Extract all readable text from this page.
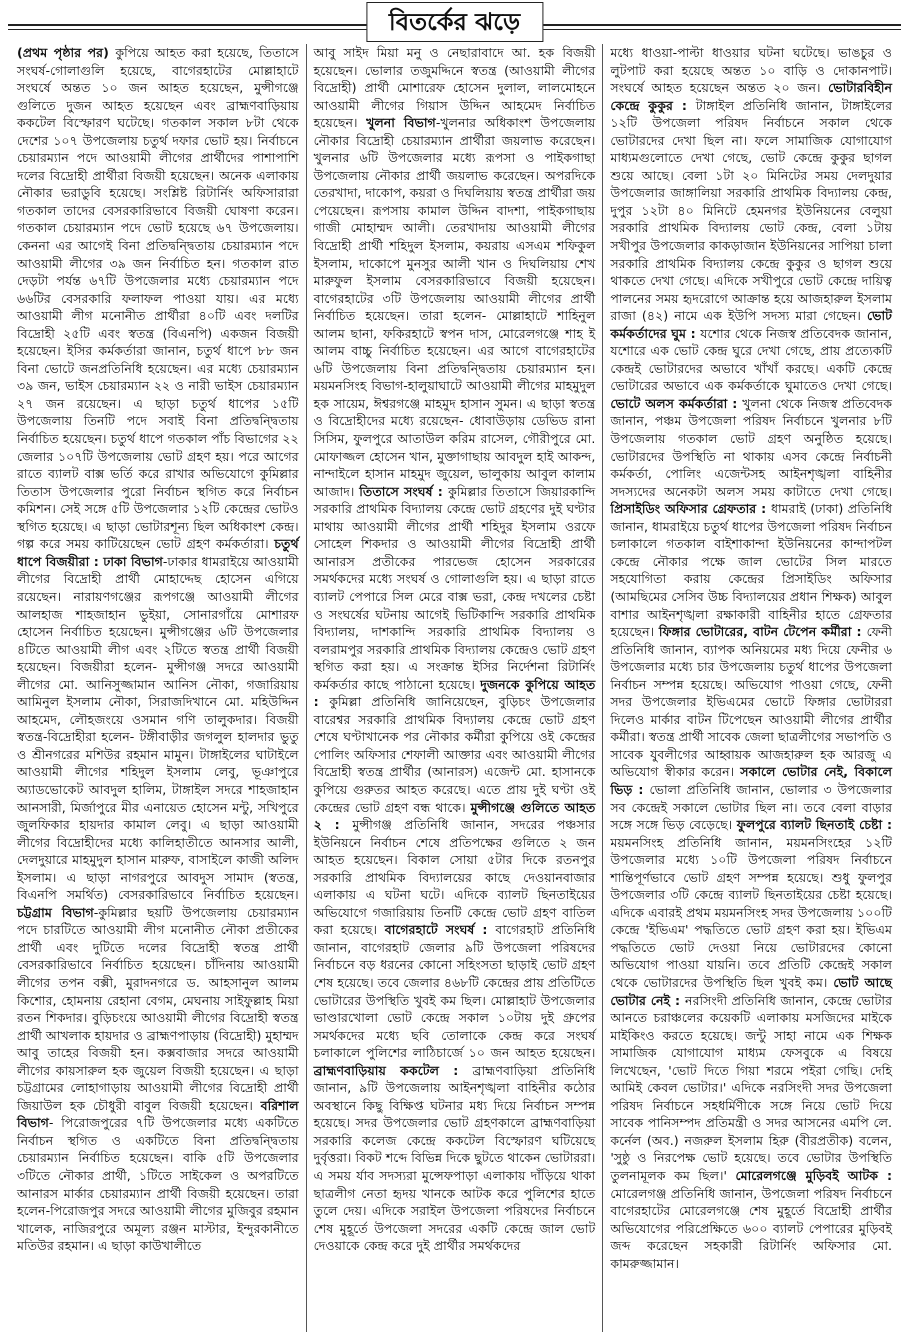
বিতর্কের ঝড়ে

(প্রথম পৃষ্ঠার পর) কুপিয়ে আহত করা হয়েছে, তিতাসে সংঘর্ষ-গোলাগুলি হয়েছে, বাগেরহাটের মোল্লাহাটে সংঘর্ষে অন্তত ১০ জন আহত হয়েছেন, মুন্সীগঞ্জে গুলিতে দুজন আহত হয়েছেন এবং ব্রাহ্মণবাড়িয়ায় ককটেল বিস্ফোরণ ঘটেছে। গতকাল সকাল ৮টা থেকে দেশের ১০৭ উপজেলায় চতুর্থ দফার ভোট হয়। নির্বাচনে চেয়ারম্যান পদে আওয়ামী লীগের প্রার্থীদের পাশাপাশি দলের বিদ্রোহী প্রার্থীরা বিজয়ী হয়েছেন। অনেক এলাকায় নৌকার ভরাডুবি হয়েছে। সংশ্লিষ্ট রিটার্নিং অফিসারারা গতকাল তাদের বেসরকারিভাবে বিজয়ী ঘোষণা করেন। গতকাল চেয়ারম্যান পদে ভোট হয়েছে ৬৭ উপজেলায়। কেননা এর আগেই বিনা প্রতিদ্বন্দ্বিতায় চেয়ারম্যান পদে আওয়ামী লীগের ৩৯ জন নির্বাচিত হন। গতকাল রাত দেড়টা পর্যন্ত ৬৭টি উপজেলার মধ্যে চেয়ারম্যান পদে ৬৬টির বেসরকারি ফলাফল পাওয়া যায়। এর মধ্যে আওয়ামী লীগ মনোনীত প্রার্থীরা ৪০টি এবং দলটির বিদ্রোহী ২৫টি এবং স্বতন্ত্র (বিএনপি) একজন বিজয়ী হয়েছেন। ইসির কর্মকর্তারা জানান, চতুর্থ ধাপে ৮৮ জন বিনা ভোটে জনপ্রতিনিধি হয়েছেন। এর মধ্যে চেয়ারম্যান ৩৯ জন, ভাইস চেয়ারম্যান ২২ ও নারী ভাইস চেয়ারম্যান ২৭ জন রয়েছেন। এ ছাড়া চতুর্থ ধাপের ১৫টি উপজেলায় তিনটি পদে সবাই বিনা প্রতিদ্বন্দ্বিতায় নির্বাচিত হয়েছেন। চতুর্থ ধাপে গতকাল পাঁচ বিভাগের ২২ জেলার ১০৭টি উপজেলায় ভোট গ্রহণ হয়। পরে আগের রাতে ব্যালট বাক্স ভর্তি করে রাখার অভিযোগে কুমিল্লার তিতাস উপজেলার পুরো নির্বাচন স্থগিত করে নির্বাচন কমিশন। সেই সঙ্গে ৫টি উপজেলার ১২টি কেন্দ্রের ভোটও স্থগিত হয়েছে। এ ছাড়া ভোটারশূন্য ছিল অধিকাংশ কেন্দ্র। গল্প করে সময় কাটিয়েছেন ভোট গ্রহণ কর্মকর্তারা। চতুর্থ ধাপে বিজয়ীরা : ঢাকা বিভাগ-ঢাকার ধামরাইয়ে আওয়ামী লীগের বিদ্রোহী প্রার্থী মোহাদ্দেছ হোসেন এগিয়ে রয়েছেন। নারায়ণগঞ্জের রূপগঞ্জে আওয়ামী লীগের আলহাজ শাহজাহান ভুইয়া, সোনারগাঁয়ে মোশারফ হোসেন নির্বাচিত হয়েছেন। মুন্সীগঞ্জের ৬টি উপজেলার ৪টিতে আওয়ামী লীগ এবং ২টিতে স্বতন্ত্র প্রার্থী বিজয়ী হয়েছেন। বিজয়ীরা হলেন- মুন্সীগঞ্জ সদরে আওয়ামী লীগের মো. আনিসুজ্জামান আনিস নৌকা, গজারিয়ায় আমিনুল ইসলাম নৌকা, সিরাজদিখানে মো. মহিউদ্দিন আহমেদ, লৌহজংয়ে ওসমান গণি তালুকদার। বিজয়ী স্বতন্ত্র-বিদ্রোহীরা হলেন- টঙ্গীবাড়ীর জগলুল হালদার ভুতু ও শ্রীনগরের মশিউর রহমান মামুন। টাঙ্গাইলের ঘাটাইলে আওয়ামী লীগের শহিদুল ইসলাম লেবু, ভূঞাপুরে অ্যাডভোকেট আবদুল হালিম, টাঙ্গাইল সদরে শাহজাহান আনসারী, মির্জাপুরে মীর এনায়েত হোসেন মন্টু, সখিপুরে জুলফিকার হায়দার কামাল লেবু। এ ছাড়া আওয়ামী লীগের বিদ্রোহীদের মধ্যে কালিহাতীতে আনসার আলী, দেলদুয়ারে মাহমুদুল হাসান মারুফ, বাসাইলে কাজী অলিদ ইসলাম। এ ছাড়া নাগরপুরে আবদুস সামাদ (স্বতন্ত্র, বিএনপি সমর্থিত) বেসরকারিভাবে নির্বাচিত হয়েছেন। চট্টগ্রাম বিভাগ-কুমিল্লার ছয়টি উপজেলায় চেয়ারম্যান পদে চারটিতে আওয়ামী লীগ মনোনীত নৌকা প্রতীকের প্রার্থী এবং দুটিতে দলের বিদ্রোহী স্বতন্ত্র প্রার্থী বেসরকারিভাবে নির্বাচিত হয়েছেন। চাঁদিনায় আওয়ামী লীগের তপন বক্সী, মুরাদনগরে ড. আহসানুল আলম কিশোর, হোমনায় রেহানা বেগম, মেঘনায় সাইফুল্লাহ মিয়া রতন শিকদার। বুড়িচংয়ে আওয়ামী লীগের বিদ্রোহী স্বতন্ত্র প্রার্থী আখলাক হায়দার ও ব্রাহ্মণপাড়ায় (বিদ্রোহী) মুহাম্মদ আবু তাহের বিজয়ী হন। কক্সবাজার সদরে আওয়ামী লীগের কায়সারুল হক জুয়েল বিজয়ী হয়েছেন। এ ছাড়া চট্টগ্রামের লোহাগাড়ায় আওয়ামী লীগের বিদ্রোহী প্রার্থী জিয়াউল হক চৌধুরী বাবুল বিজয়ী হয়েছেন। বরিশাল বিভাগ- পিরোজপুরের ৭টি উপজেলার মধ্যে একটিতে নির্বাচন স্থগিত ও একটিতে বিনা প্রতিদ্বন্দ্বিতায় চেয়ারম্যান নির্বাচিত হয়েছেন। বাকি ৫টি উপজেলার ৩টিতে নৌকার প্রার্থী, ১টিতে সাইকেল ও অপরটিতে আনারস মার্কার চেয়ারম্যান প্রার্থী বিজয়ী হয়েছেন। তারা হলেন-পিরোজপুর সদরে আওয়ামী লীগের মুজিবুর রহমান খালেক, নাজিরপুরে অমূল্য রঞ্জন মাস্টার, ইন্দুরকানীতে মতিউর রহমান। এ ছাড়া কাউখালীতে

আবু সাইদ মিয়া মনু ও নেছারাবাদে আ. হক বিজয়ী হয়েছেন। ভোলার তজুমদ্দিনে স্বতন্ত্র (আওয়ামী লীগের বিদ্রোহী) প্রার্থী মোশারেফ হোসেন দুলাল, লালমোহনে আওয়ামী লীগের গিয়াস উদ্দিন আহমেদ নির্বাচিত হয়েছেন। খুলনা বিভাগ-খুলনার অধিকাংশ উপজেলায় নৌকার বিদ্রোহী চেয়ারম্যান প্রার্থীরা জয়লাভ করেছেন। খুলনার ৬টি উপজেলার মধ্যে রূপসা ও পাইকগাছা উপজেলায় নৌকার প্রার্থী জয়লাভ করেছেন। অপরদিকে তেরখাদা, দাকোপ, কয়রা ও দিঘলিয়ায় স্বতন্ত্র প্রার্থীরা জয় পেয়েছেন। রূপসায় কামাল উদ্দিন বাদশা, পাইকগাছায় গাজী মোহাম্মদ আলী। তেরখাদায় আওয়ামী লীগের বিদ্রোহী প্রার্থী শহিদুল ইসলাম, কয়রায় এসএম শফিকুল ইসলাম, দাকোপে মুনসুর আলী খান ও দিঘলিয়ায় শেখ মারুফুল ইসলাম বেসরকারিভাবে বিজয়ী হয়েছেন। বাগেরহাটের ৩টি উপজেলায় আওয়ামী লীগের প্রার্থী নির্বাচিত হয়েছেন। তারা হলেন- মোল্লাহাটে শাহিনুল আলম ছানা, ফকিরহাটে স্বপন দাস, মোরেলগঞ্জে শাহ ই আলম বাচ্চু নির্বাচিত হয়েছেন। এর আগে বাগেরহাটের ৬টি উপজেলায় বিনা প্রতিদ্বন্দ্বিতায় চেয়ারম্যান হন। ময়মনসিংহ বিভাগ-হালুয়াঘাটে আওয়ামী লীগের মাহমুদুল হক সায়েম, ঈশ্বরগঞ্জে মাহমুদ হাসান সুমন। এ ছাড়া স্বতন্ত্র ও বিদ্রোহীদের মধ্যে রয়েছেন- ধোবাউড়ায় ডেভিড রানা সিসিম, ফুলপুরে আতাউল করিম রাসেল, গৌরীপুরে মো. মোফাজ্জল হোসেন খান, মুক্তাগাছায় আবদুল হাই আকন্দ, নান্দাইলে হাসান মাহমুদ জুয়েল, ভালুকায় আবুল কালাম আজাদ। তিতাসে সংঘর্ষ : কুমিল্লার তিতাসে জিয়ারকান্দি সরকারি প্রাথমিক বিদ্যালয় কেন্দ্রে ভোট গ্রহণের দুই ঘণ্টার মাথায় আওয়ামী লীগের প্রার্থী শহিদুর ইসলাম ওরফে সোহেল শিকদার ও আওয়ামী লীগের বিদ্রোহী প্রার্থী আনারস প্রতীকের পারভেজ হোসেন সরকারের সমর্থকদের মধ্যে সংঘর্ষ ও গোলাগুলি হয়। এ ছাড়া রাতে ব্যালট পেপারে সিল মেরে বাক্স ভরা, কেন্দ্র দখলের চেষ্টা ও সংঘর্ষের ঘটনায় আগেই ভিটিকান্দি সরকারি প্রাথমিক বিদ্যালয়, দাশকান্দি সরকারি প্রাথমিক বিদ্যালয় ও বলরামপুর সরকারি প্রাথমিক বিদ্যালয় কেন্দ্রেও ভোট গ্রহণ স্থগিত করা হয়। এ সংক্রান্ত ইসির নির্দেশনা রিটার্নিং কর্মকর্তার কাছে পাঠানো হয়েছে। দুজনকে কুপিয়ে আহত : কুমিল্লা প্রতিনিধি জানিয়েছেন, বুড়িচং উপজেলার বারেশ্বর সরকারি প্রাথমিক বিদ্যালয় কেন্দ্রে ভোট গ্রহণ শেষে ঘণ্টাখানেক পর নৌকার কর্মীরা কুপিয়ে ওই কেন্দ্রের পোলিং অফিসার শেফালী আক্তার এবং আওয়ামী লীগের বিদ্রোহী স্বতন্ত্র প্রার্থীর (আনারস) এজেন্ট মো. হাসানকে কুপিয়ে গুরুতর আহত করেছে। এতে প্রায় দুই ঘণ্টা ওই কেন্দ্রের ভোট গ্রহণ বন্ধ থাকে। মুন্সীগঞ্জে গুলিতে আহত ২ : মুন্সীগঞ্জ প্রতিনিধি জানান, সদরের পঞ্চসার ইউনিয়নে নির্বাচন শেষে প্রতিপক্ষের গুলিতে ২ জন আহত হয়েছেন। বিকাল সোয়া ৫টার দিকে রতনপুর সরকারি প্রাথমিক বিদ্যালয়ের কাছে দেওয়ানবাজার এলাকায় এ ঘটনা ঘটে। এদিকে ব্যালট ছিনতাইয়ের অভিযোগে গজারিয়ায় তিনটি কেন্দ্রে ভোট গ্রহণ বাতিল করা হয়েছে। বাগেরহাটে সংঘর্ষ : বাগেরহাট প্রতিনিধি জানান, বাগেরহাট জেলার ৯টি উপজেলা পরিষদের নির্বাচনে বড় ধরনের কোনো সহিংসতা ছাড়াই ভোট গ্রহণ শেষ হয়েছে। তবে জেলার ৪৬৮টি কেন্দ্রের প্রায় প্রতিটিতে ভোটারের উপস্থিতি খুবই কম ছিল। মোল্লাহাট উপজেলার ভাণ্ডারখোলা ভোট কেন্দ্রে সকাল ১০টায় দুই গ্রুপের সমর্থকদের মধ্যে ছবি তোলাকে কেন্দ্র করে সংঘর্ষ চলাকালে পুলিশের লাঠিচার্জে ১০ জন আহত হয়েছেন। ব্রাহ্মণবাড়িয়ায় ককটেল : ব্রাহ্মণবাড়িয়া প্রতিনিধি জানান, ৯টি উপজেলায় আইনশৃঙ্খলা বাহিনীর কঠোর অবস্থানে কিছু বিক্ষিপ্ত ঘটনার মধ্য দিয়ে নির্বাচন সম্পন্ন হয়েছে। সদর উপজেলার ভোট গ্রহণকালে ব্রাহ্মণবাড়িয়া সরকারি কলেজ কেন্দ্রে ককটেল বিস্ফোরণ ঘটিয়েছে দুর্বৃত্তরা। বিকট শব্দে বিভিন্ন দিকে ছুটতে থাকেন ভোটাররা। এ সময় র্যাব সদস্যরা মুন্সেফপাড়া এলাকায় দাঁড়িয়ে থাকা ছাত্রলীগ নেতা হৃদয় খানকে আটক করে পুলিশের হাতে তুলে দেয়। এদিকে সরাইল উপজেলা পরিষদের নির্বাচনে শেষ মুহূর্তে উপজেলা সদরের একটি কেন্দ্রে জাল ভোট দেওয়াকে কেন্দ্র করে দুই প্রার্থীর সমর্থকদের

মধ্যে ধাওয়া-পাল্টা ধাওয়ার ঘটনা ঘটেছে। ভাঙচুর ও লুটপাট করা হয়েছে অন্তত ১০ বাড়ি ও দোকানপাট। সংঘর্ষে আহত হয়েছেন অন্তত ২০ জন। ভোটারবিহীন কেন্দ্রে কুকুর : টাঙ্গাইল প্রতিনিধি জানান, টাঙ্গাইলের ১২টি উপজেলা পরিষদ নির্বাচনে সকাল থেকে ভোটারদের দেখা ছিল না। ফলে সামাজিক যোগাযোগ মাধ্যমগুলোতে দেখা গেছে, ভোট কেন্দ্রে কুকুর ছাগল শুয়ে আছে। বেলা ১টা ২০ মিনিটের সময় দেলদুয়ার উপজেলার জাঙ্গালিয়া সরকারি প্রাথমিক বিদ্যালয় কেন্দ্র, দুপুর ১২টা ৪০ মিনিটে হেমনগর ইউনিয়নের বেলুয়া সরকারি প্রাথমিক বিদ্যালয় ভোট কেন্দ্র, বেলা ১টায় সখীপুর উপজেলার কাকড়াজান ইউনিয়নের সাপিয়া চালা সরকারি প্রাথমিক বিদ্যালয় কেন্দ্রে কুকুর ও ছাগল শুয়ে থাকতে দেখা গেছে। এদিকে সখীপুরে ভোট কেন্দ্রে দায়িত্ব পালনের সময় হৃদরোগে আক্রান্ত হয়ে আজহারুল ইসলাম রাজা (৪২) নামে এক ইউপি সদস্য মারা গেছেন। ভোট কর্মকর্তাদের ঘুম : যশোর থেকে নিজস্ব প্রতিবেদক জানান, যশোরে এক ভোট কেন্দ্র ঘুরে দেখা গেছে, প্রায় প্রত্যেকটি কেন্দ্রই ভোটারদের অভাবে খাঁখাঁ করছে। একটি কেন্দ্রে ভোটারের অভাবে এক কর্মকর্তাকে ঘুমাতেও দেখা গেছে। ভোটে অলস কর্মকর্তারা : খুলনা থেকে নিজস্ব প্রতিবেদক জানান, পঞ্চম উপজেলা পরিষদ নির্বাচনে খুলনার ৮টি উপজেলায় গতকাল ভোট গ্রহণ অনুষ্ঠিত হয়েছে। ভোটারদের উপস্থিতি না থাকায় এসব কেন্দ্রে নির্বাচনী কর্মকর্তা, পোলিং এজেন্টসহ আইনশৃঙ্খলা বাহিনীর সদস্যদের অনেকটা অলস সময় কাটাতে দেখা গেছে। প্রিসাইডিং অফিসার গ্রেফতার : ধামরাই (ঢাকা) প্রতিনিধি জানান, ধামরাইয়ে চতুর্থ ধাপের উপজেলা পরিষদ নির্বাচন চলাকালে গতকাল বাইশাকান্দা ইউনিয়নের কান্দাপটল কেন্দ্রে নৌকার পক্ষে জাল ভোটের সিল মারতে সহযোগিতা করায় কেন্দ্রের প্রিসাইডিং অফিসার (আমছিমের সেসিব উচ্চ বিদ্যালয়ের প্রধান শিক্ষক) আবুল বাশার আইনশৃঙ্খলা রক্ষাকারী বাহিনীর হাতে গ্রেফতার হয়েছেন। ফিঙ্গার ভোটারের, বাটন টেপেন কর্মীরা : ফেনী প্রতিনিধি জানান, ব্যাপক অনিয়মের মধ্য দিয়ে ফেনীর ৬ উপজেলার মধ্যে চার উপজেলায় চতুর্থ ধাপের উপজেলা নির্বাচন সম্পন্ন হয়েছে। অভিযোগ পাওয়া গেছে, ফেনী সদর উপজেলার ইভিএমের ভোটে ফিঙ্গার ভোটাররা দিলেও মার্কার বাটন টিপেছেন আওয়ামী লীগের প্রার্থীর কর্মীরা। স্বতন্ত্র প্রার্থী সাবেক জেলা ছাত্রলীগের সভাপতি ও সাবেক যুবলীগের আহ্বায়ক আজহারুল হক আরজু এ অভিযোগ স্বীকার করেন। সকালে ভোটার নেই, বিকালে ভিড় : ভোলা প্রতিনিধি জানান, ভোলার ৩ উপজেলার সব কেন্দ্রেই সকালে ভোটার ছিল না। তবে বেলা বাড়ার সঙ্গে সঙ্গে ভিড় বেড়েছে। ফুলপুরে ব্যালট ছিনতাই চেষ্টা : ময়মনসিংহ প্রতিনিধি জানান, ময়মনসিংহের ১২টি উপজেলার মধ্যে ১০টি উপজেলা পরিষদ নির্বাচনে শান্তিপূর্ণভাবে ভোট গ্রহণ সম্পন্ন হয়েছে। শুধু ফুলপুর উপজেলার ৩টি কেন্দ্রে ব্যালট ছিনতাইয়ের চেষ্টা হয়েছে। এদিকে এবারই প্রথম ময়মনসিংহ সদর উপজেলায় ১০০টি কেন্দ্রে 'ইভিএম' পদ্ধতিতে ভোট গ্রহণ করা হয়। ইভিএম পদ্ধতিতে ভোট দেওয়া নিয়ে ভোটারদের কোনো অভিযোগ পাওয়া যায়নি। তবে প্রতিটি কেন্দ্রেই সকাল থেকে ভোটারদের উপস্থিতি ছিল খুবই কম। ভোট আছে ভোটার নেই : নরসিংদী প্রতিনিধি জানান, কেন্দ্রে ভোটার আনতে চরাঞ্চলের কয়েকটি এলাকায় মসজিদের মাইকে মাইকিংও করতে হয়েছে। জন্টু সাহা নামে এক শিক্ষক সামাজিক যোগাযোগ মাধ্যম ফেসবুকে এ বিষয়ে লিখেছেন, 'ভোট দিতে গিয়া শরমে পইরা গেছি। দেহি আমিই কেবল ভোটার।' এদিকে নরসিংদী সদর উপজেলা পরিষদ নির্বাচনে সহধর্মিণীকে সঙ্গে নিয়ে ভোট দিয়ে সাবেক পানিসম্পদ প্রতিমন্ত্রী ও সদর আসনের এমপি লে. কর্নেল (অব.) নজরুল ইসলাম হিরু (বীরপ্রতীক) বলেন, 'সুষ্ঠু ও নিরপেক্ষ ভোট হয়েছে। তবে ভোটার উপস্থিতি তুলনামূলক কম ছিল।' মোরেলগঞ্জে মুড়িবই আটক : মোরেলগঞ্জ প্রতিনিধি জানান, উপজেলা পরিষদ নির্বাচনে বাগেরহাটের মোরেলগঞ্জে শেষ মুহূর্তে বিদ্রোহী প্রার্থীর অভিযোগের পরিপ্রেক্ষিতে ৬০০ ব্যালট পেপারের মুড়িবই জব্দ করেছেন সহকারী রিটার্নিং অফিসার মো. কামরুজ্জামান।
